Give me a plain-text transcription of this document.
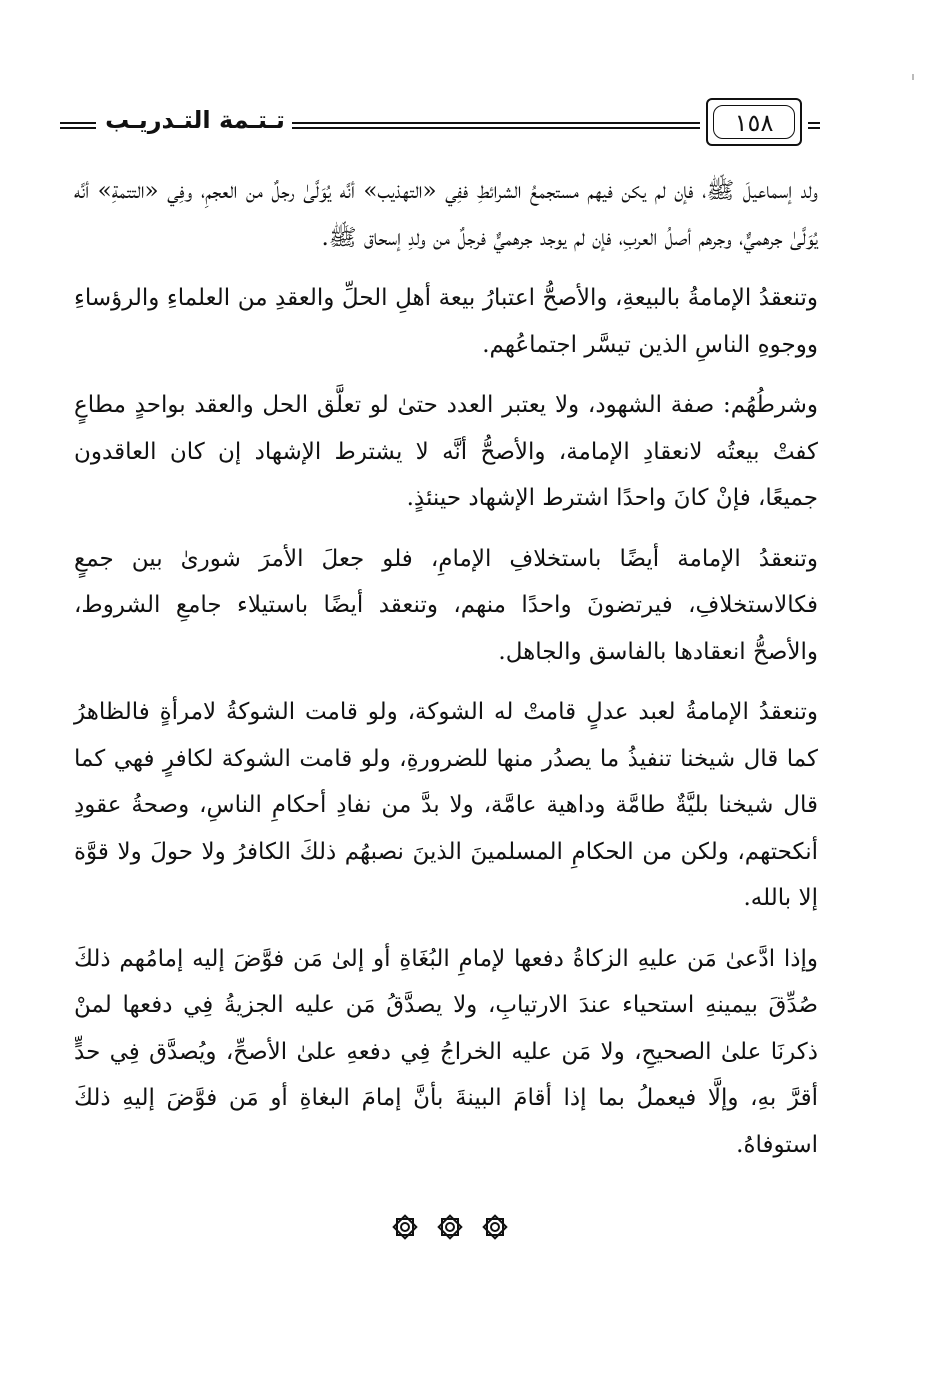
تـتـمة التـدريـب	١٥٨

ولد إسماعيلَ ﷺ، فإن لم يكن فيهم مستجمعُ الشرائطِ ففِي «التهذيب» أنَّه يُوَلَّىٰ رجلٌ من العجمِ، وفِي «التتمةِ» أنَّه يُوَلَّىٰ جرهميٌّ، وجرهم أصلُ العربِ، فإن لم يوجد جرهميٌّ فرجلٌ من ولدِ إسحاق ﷺ.

وتنعقدُ الإمامةُ بالبيعةِ، والأصحُّ اعتبارُ بيعة أهلِ الحلِّ والعقدِ من العلماءِ والرؤساءِ ووجوهِ الناسِ الذين تيسَّر اجتماعُهم.

وشرطُهُم: صفة الشهود، ولا يعتبر العدد حتىٰ لو تعلَّق الحل والعقد بواحدٍ مطاعٍ كفتْ بيعتُه لانعقادِ الإمامة، والأصحُّ أنَّه لا يشترط الإشهاد إن كان العاقدون جميعًا، فإنْ كانَ واحدًا اشترط الإشهاد حينئذٍ.

وتنعقدُ الإمامة أيضًا باستخلافِ الإمامِ، فلو جعلَ الأمرَ شورىٰ بين جمعٍ فكالاستخلافِ، فيرتضونَ واحدًا منهم، وتنعقد أيضًا باستيلاء جامعِ الشروط، والأصحُّ انعقادها بالفاسق والجاهل.

وتنعقدُ الإمامةُ لعبد عدلٍ قامتْ له الشوكة، ولو قامت الشوكةُ لامرأةٍ فالظاهرُ كما قال شيخنا تنفيذُ ما يصدُر منها للضرورةِ، ولو قامت الشوكة لكافرٍ فهي كما قال شيخنا بليَّةٌ طامَّة وداهية عامَّة، ولا بدَّ من نفادِ أحكامِ الناسِ، وصحةُ عقودِ أنكحتهم، ولكن من الحكامِ المسلمينَ الذينَ نصبهُم ذلكَ الكافرُ ولا حولَ ولا قوَّة إلا بالله.

وإذا ادَّعىٰ مَن عليهِ الزكاةُ دفعها لإمامِ البُغَاةِ أو إلىٰ مَن فوَّضَ إليه إمامُهم ذلكَ صُدِّقَ بيمينهِ استحياء عندَ الارتيابِ، ولا يصدَّقُ مَن عليه الجزيةُ فِي دفعها لمنْ ذكرنَا علىٰ الصحيحِ، ولا مَن عليه الخراجُ فِي دفعهِ علىٰ الأصحِّ، ويُصدَّق فِي حدٍّ أقرَّ بهِ، وإلَّا فيعملُ بما إذا أقامَ البينةَ بأنَّ إمامَ البغاةِ أو مَن فوَّضَ إليهِ ذلكَ استوفاهُ.
